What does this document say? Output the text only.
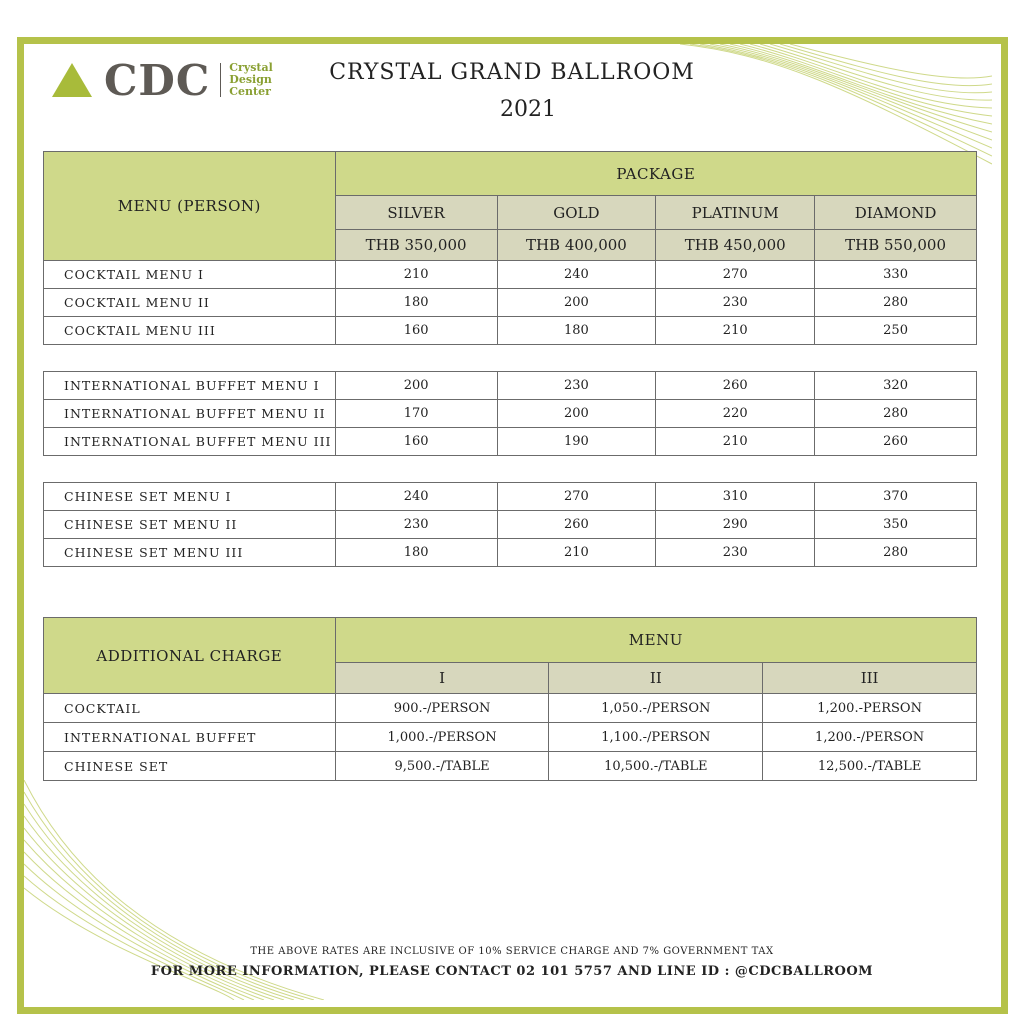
CDC Crystal
Design
Center
CRYSTAL GRAND BALLROOM
2021
MENU (PERSON)	PACKAGE			
	SILVER	GOLD	PLATINUM	DIAMOND
	THB 350,000	THB 400,000	THB 450,000	THB 550,000
COCKTAIL MENU I	210	240	270	330
COCKTAIL MENU II	180	200	230	280
COCKTAIL MENU III	160	180	210	250

INTERNATIONAL BUFFET MENU I	200	230	260	320
INTERNATIONAL BUFFET MENU II	170	200	220	280
INTERNATIONAL BUFFET MENU III	160	190	210	260

CHINESE SET MENU I	240	270	310	370
CHINESE SET MENU II	230	260	290	350
CHINESE SET MENU III	180	210	230	280
ADDITIONAL CHARGE	MENU		
	I	II	III
COCKTAIL	900.-/PERSON	1,050.-/PERSON	1,200.-PERSON
INTERNATIONAL BUFFET	1,000.-/PERSON	1,100.-/PERSON	1,200.-/PERSON
CHINESE SET	9,500.-/TABLE	10,500.-/TABLE	12,500.-/TABLE
THE ABOVE RATES ARE INCLUSIVE OF 10% SERVICE CHARGE AND 7% GOVERNMENT TAX
FOR MORE INFORMATION, PLEASE CONTACT 02 101 5757 AND LINE ID : @CDCBALLROOM
